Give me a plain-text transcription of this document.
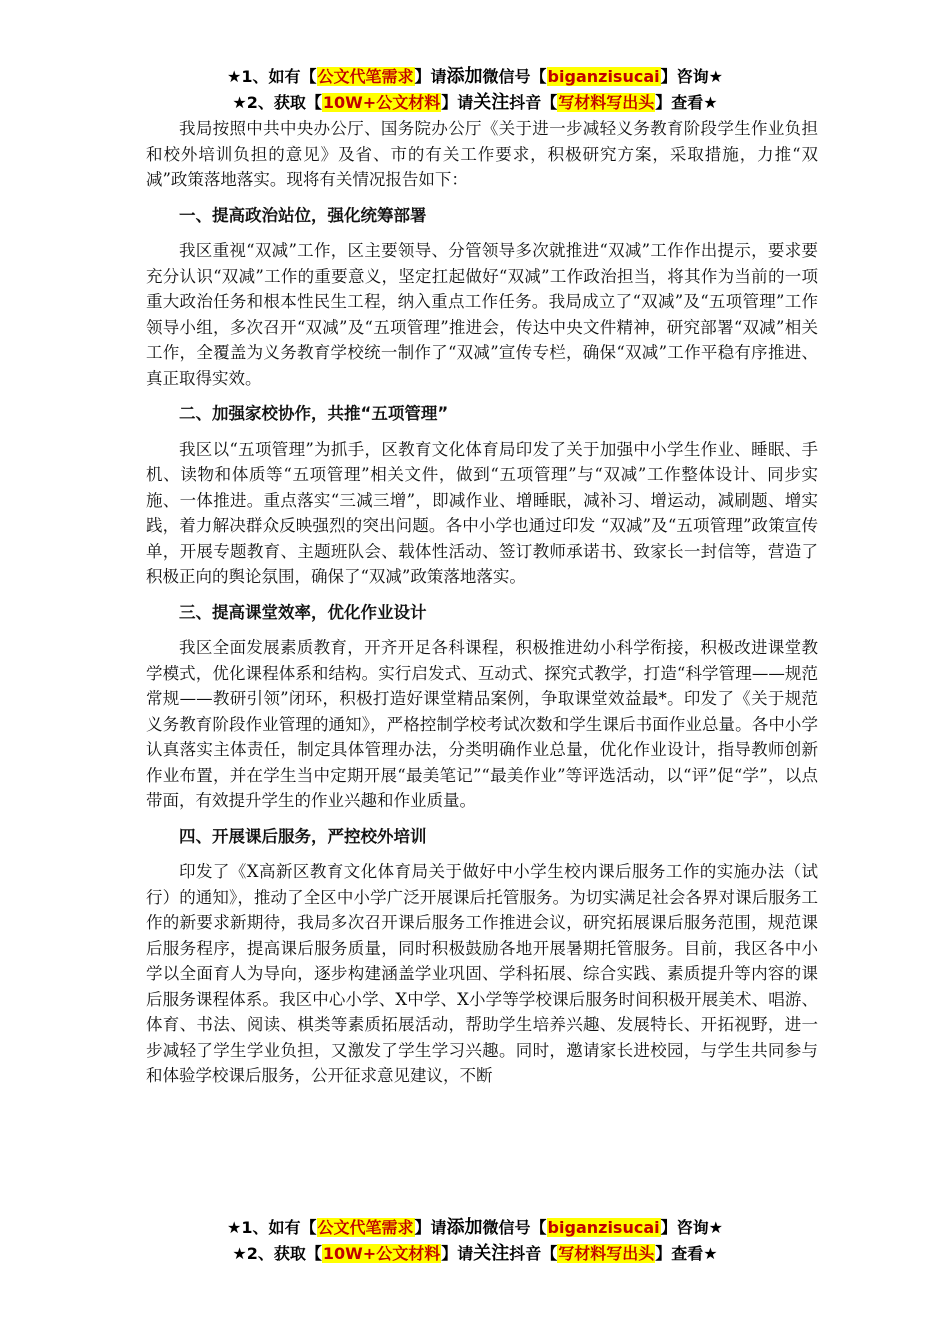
★1、如有【公文代笔需求】请添加微信号【biganzisucai】咨询★
★2、获取【10W+公文材料】请关注抖音【写材料写出头】查看★

我局按照中共中央办公厅、国务院办公厅《关于进一步减轻义务教育阶段学生作业负担和校外培训负担的意见》及省、市的有关工作要求，积极研究方案，采取措施，力推“双减”政策落地落实。现将有关情况报告如下：

一、提高政治站位，强化统筹部署

我区重视“双减”工作，区主要领导、分管领导多次就推进“双减”工作作出提示，要求要充分认识“双减”工作的重要意义，坚定扛起做好“双减”工作政治担当，将其作为当前的一项重大政治任务和根本性民生工程，纳入重点工作任务。我局成立了“双减”及“五项管理”工作领导小组，多次召开“双减”及“五项管理”推进会，传达中央文件精神，研究部署“双减”相关工作，全覆盖为义务教育学校统一制作了“双减”宣传专栏，确保“双减”工作平稳有序推进、真正取得实效。

二、加强家校协作，共推“五项管理”

我区以“五项管理”为抓手，区教育文化体育局印发了关于加强中小学生作业、睡眠、手机、读物和体质等“五项管理”相关文件，做到“五项管理”与“双减”工作整体设计、同步实施、一体推进。重点落实“三减三增”，即减作业、增睡眠，减补习、增运动，减刷题、增实践，着力解决群众反映强烈的突出问题。各中小学也通过印发 “双减”及“五项管理”政策宣传单，开展专题教育、主题班队会、载体性活动、签订教师承诺书、致家长一封信等，营造了积极正向的舆论氛围，确保了“双减”政策落地落实。

三、提高课堂效率，优化作业设计

我区全面发展素质教育，开齐开足各科课程，积极推进幼小科学衔接，积极改进课堂教学模式，优化课程体系和结构。实行启发式、互动式、探究式教学，打造“科学管理——规范常规——教研引领”闭环，积极打造好课堂精品案例，争取课堂效益最*。印发了《关于规范义务教育阶段作业管理的通知》，严格控制学校考试次数和学生课后书面作业总量。各中小学认真落实主体责任，制定具体管理办法，分类明确作业总量，优化作业设计，指导教师创新作业布置，并在学生当中定期开展“最美笔记”“最美作业”等评选活动，以“评”促“学”，以点带面，有效提升学生的作业兴趣和作业质量。

四、开展课后服务，严控校外培训

印发了《X高新区教育文化体育局关于做好中小学生校内课后服务工作的实施办法（试行）的通知》，推动了全区中小学广泛开展课后托管服务。为切实满足社会各界对课后服务工作的新要求新期待，我局多次召开课后服务工作推进会议，研究拓展课后服务范围，规范课后服务程序，提高课后服务质量，同时积极鼓励各地开展暑期托管服务。目前，我区各中小学以全面育人为导向，逐步构建涵盖学业巩固、学科拓展、综合实践、素质提升等内容的课后服务课程体系。我区中心小学、X中学、X小学等学校课后服务时间积极开展美术、唱游、体育、书法、阅读、棋类等素质拓展活动，帮助学生培养兴趣、发展特长、开拓视野，进一步减轻了学生学业负担，又激发了学生学习兴趣。同时，邀请家长进校园，与学生共同参与和体验学校课后服务，公开征求意见建议，不断

★1、如有【公文代笔需求】请添加微信号【biganzisucai】咨询★
★2、获取【10W+公文材料】请关注抖音【写材料写出头】查看★
